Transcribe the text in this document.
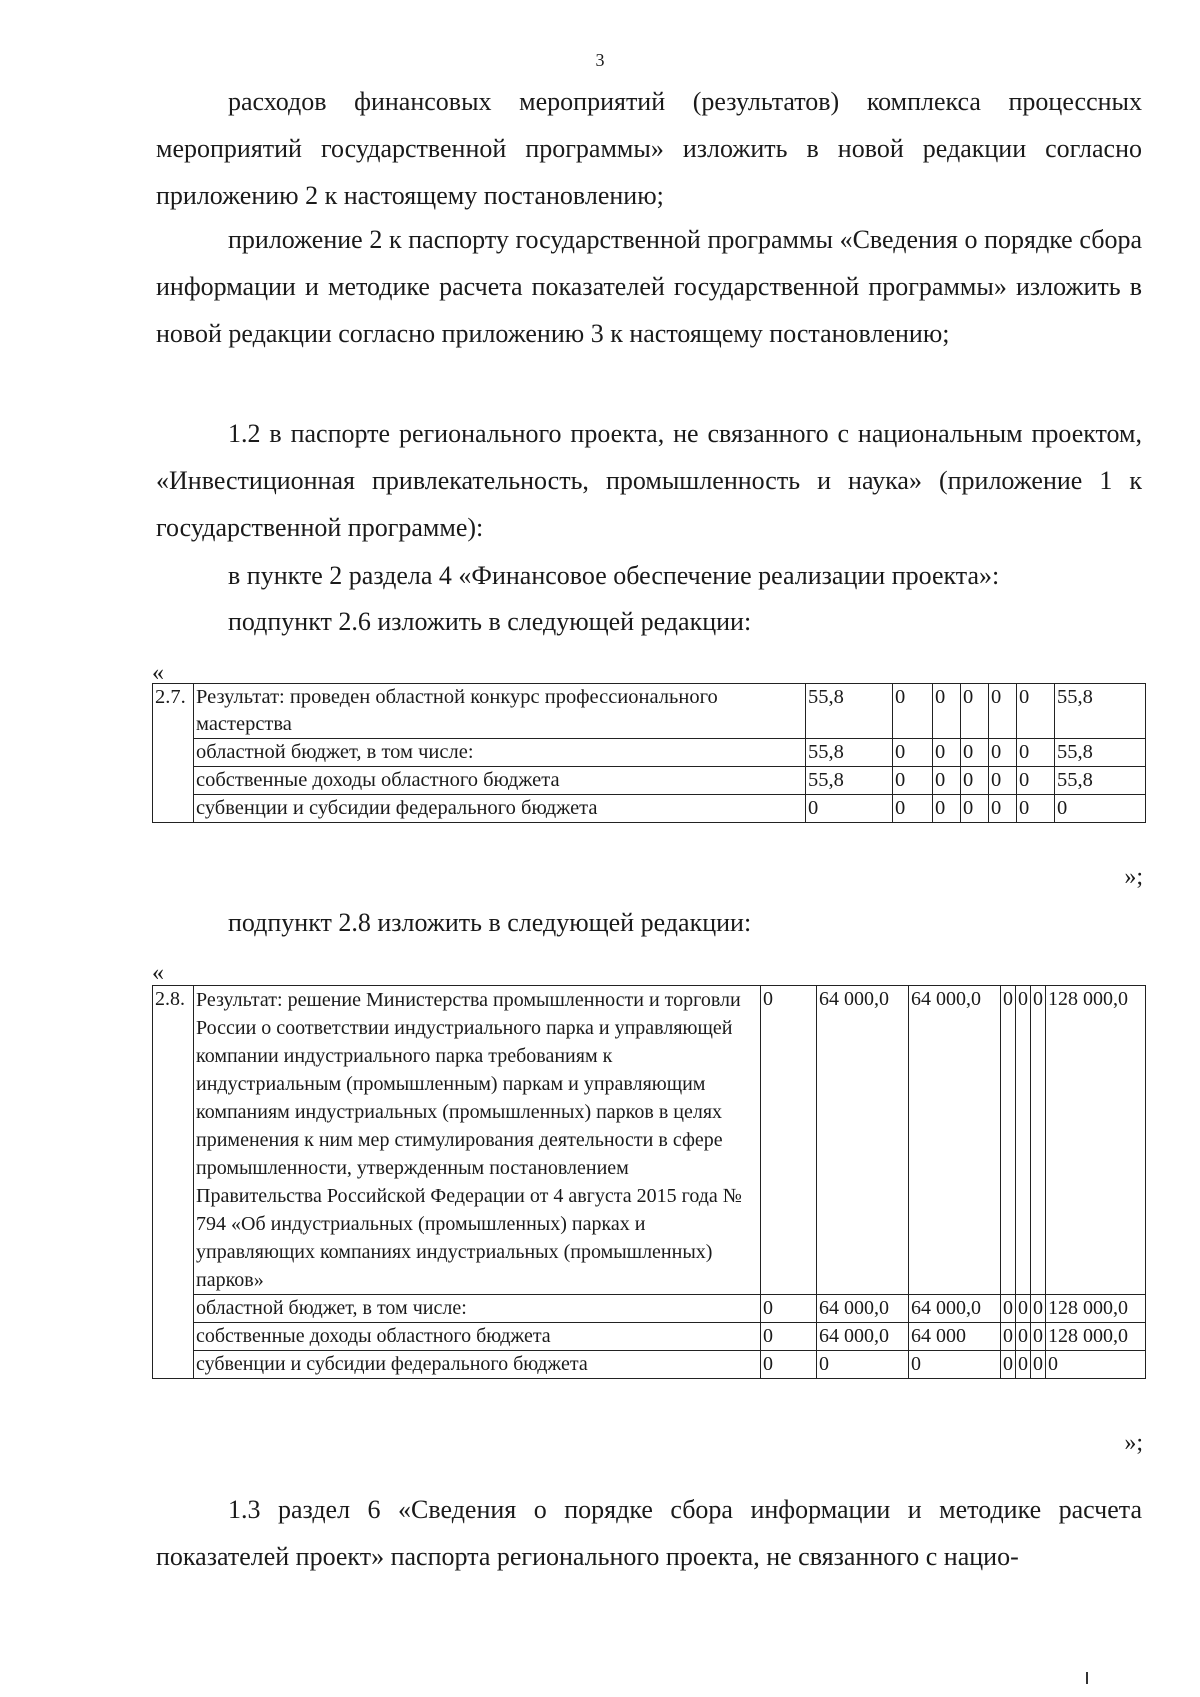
3
расходов финансовых мероприятий (результатов) комплекса процессных мероприятий государственной программы» изложить в новой редакции согласно приложению 2 к настоящему постановлению;
приложение 2 к паспорту государственной программы «Сведения о порядке сбора информации и методике расчета показателей государственной программы» изложить в новой редакции согласно приложению 3 к настоящему постановлению;
1.2 в паспорте регионального проекта, не связанного с национальным проектом, «Инвестиционная привлекательность, промышленность и наука» (приложение 1 к государственной программе):
в пункте 2 раздела 4 «Финансовое обеспечение реализации проекта»:
подпункт 2.6 изложить в следующей редакции:
«
2.7.	Результат: проведен областной конкурс профессионального мастерства	55,8	0	0	0	0	0	55,8
	областной бюджет, в том числе:	55,8	0	0	0	0	0	55,8
	собственные доходы областного бюджета	55,8	0	0	0	0	0	55,8
	субвенции и субсидии федерального бюджета	0	0	0	0	0	0	0
»;
подпункт 2.8 изложить в следующей редакции:
«
2.8.	Результат: решение Министерства промышленности и торговли России о соответствии индустриального парка и управляющей компании индустриального парка требованиям к индустриальным (промышленным) паркам и управляющим компаниям индустриальных (промышленных) парков в целях применения к ним мер стимулирования деятельности в сфере промышленности, утвержденным постановлением Правительства Российской Федерации от 4 августа 2015 года № 794 «Об индустриальных (промышленных) парках и управляющих компаниях индустриальных (промышленных) парков»	0	64 000,0	64 000,0	0	0	0	128 000,0
	областной бюджет, в том числе:	0	64 000,0	64 000,0	0	0	0	128 000,0
	собственные доходы областного бюджета	0	64 000,0	64 000	0	0	0	128 000,0
	субвенции и субсидии федерального бюджета	0	0	0	0	0	0	0
»;
1.3 раздел 6 «Сведения о порядке сбора информации и методике расчета показателей проект» паспорта регионального проекта, не связанного с нацио-
